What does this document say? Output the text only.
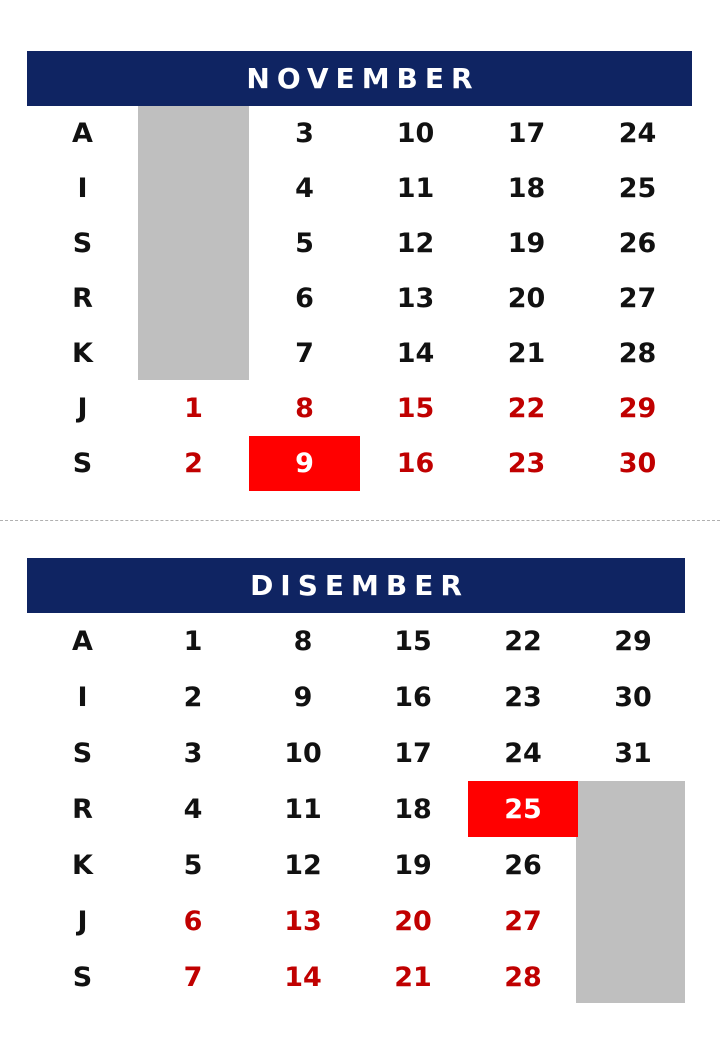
NOVEMBER
A
I
S
R
K
J
S
1
2
3
4
5
6
7
8
9
10
11
12
13
14
15
16
17
18
19
20
21
22
23
24
25
26
27
28
29
30
DISEMBER
A
I
S
R
K
J
S
1
2
3
4
5
6
7
8
9
10
11
12
13
14
15
16
17
18
19
20
21
22
23
24
25
26
27
28
29
30
31
